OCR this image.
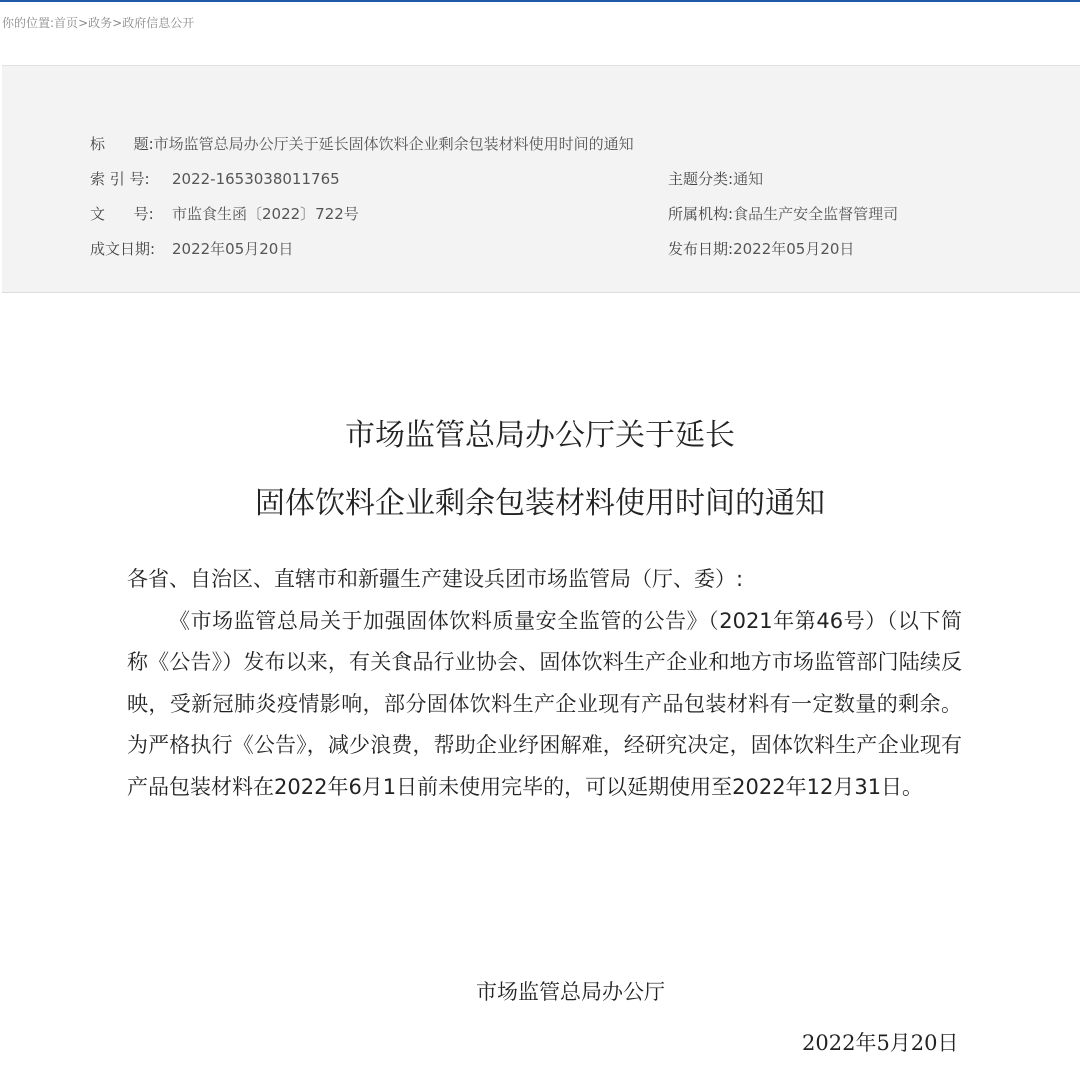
你的位置:首页>政务>政府信息公开
标      题:市场监管总局办公厅关于延长固体饮料企业剩余包装材料使用时间的通知
索 引 号: 2022-1653038011765	主题分类:通知
文      号: 市监食生函〔2022〕722号	所属机构:食品生产安全监督管理司
成文日期: 2022年05月20日	发布日期:2022年05月20日
市场监管总局办公厅关于延长
固体饮料企业剩余包装材料使用时间的通知

各省、自治区、直辖市和新疆生产建设兵团市场监管局（厅、委）:

《市场监管总局关于加强固体饮料质量安全监管的公告》（2021年第46号）（以下简称《公告》）发布以来，有关食品行业协会、固体饮料生产企业和地方市场监管部门陆续反映，受新冠肺炎疫情影响，部分固体饮料生产企业现有产品包装材料有一定数量的剩余。为严格执行《公告》，减少浪费，帮助企业纾困解难，经研究决定，固体饮料生产企业现有产品包装材料在2022年6月1日前未使用完毕的，可以延期使用至2022年12月31日。

市场监管总局办公厅
2022年5月20日
